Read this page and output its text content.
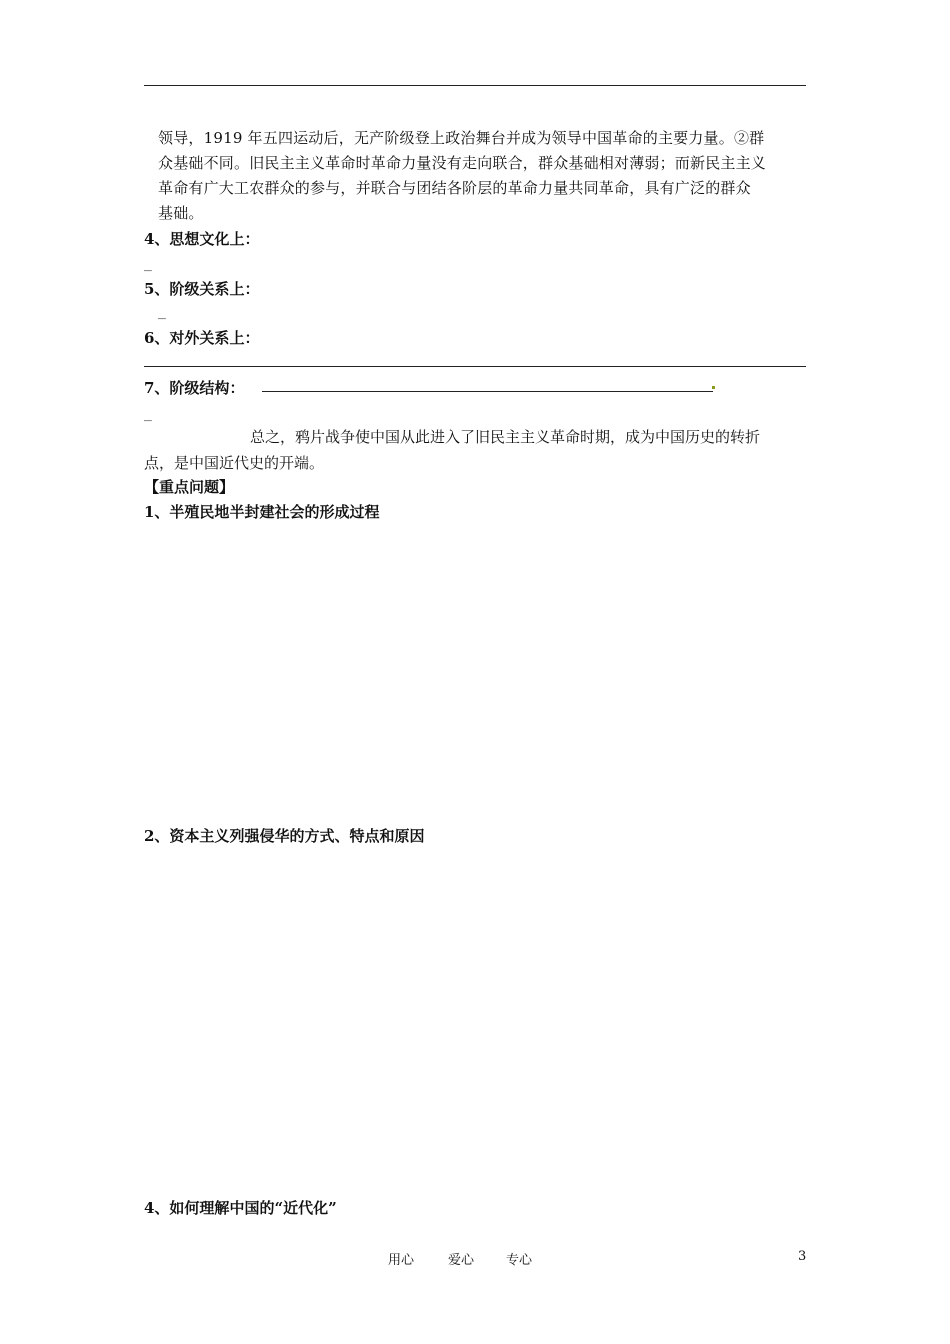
领导，1919 年五四运动后，无产阶级登上政治舞台并成为领导中国革命的主要力量。②群
众基础不同。旧民主主义革命时革命力量没有走向联合，群众基础相对薄弱；而新民主主义
革命有广大工农群众的参与，并联合与团结各阶层的革命力量共同革命，具有广泛的群众
基础。
4、思想文化上：
_
5、阶级关系上：
_
6、对外关系上：
7、阶级结构：
_
总之，鸦片战争使中国从此进入了旧民主主义革命时期，成为中国历史的转折
点，是中国近代史的开端。
【重点问题】
1、半殖民地半封建社会的形成过程
2、资本主义列强侵华的方式、特点和原因
4、如何理解中国的“近代化”
用心	爱心 专心	3
